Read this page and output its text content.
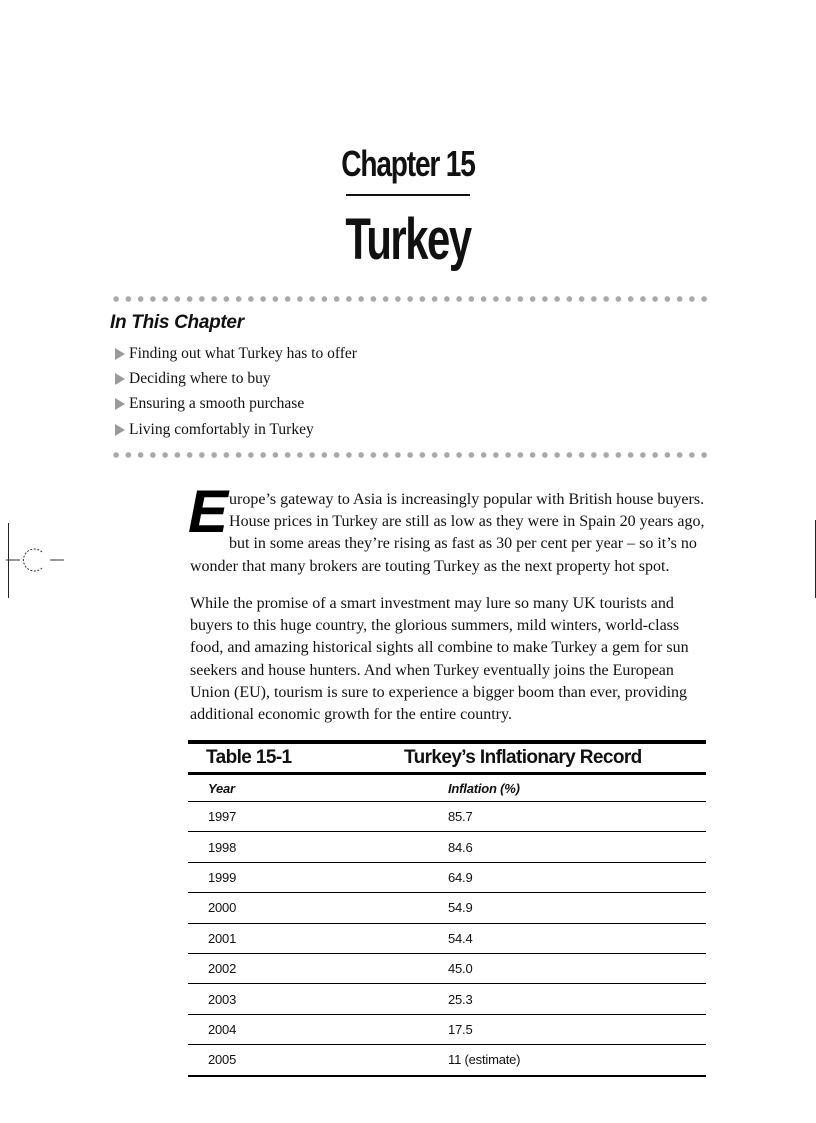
Chapter 15
Turkey
In This Chapter
Finding out what Turkey has to offer
Deciding where to buy
Ensuring a smooth purchase
Living comfortably in Turkey

Europe’s gateway to Asia is increasingly popular with British house buyers. House prices in Turkey are still as low as they were in Spain 20 years ago, but in some areas they’re rising as fast as 30 per cent per year – so it’s no wonder that many brokers are touting Turkey as the next property hot spot.

While the promise of a smart investment may lure so many UK tourists and buyers to this huge country, the glorious summers, mild winters, world-class food, and amazing historical sights all combine to make Turkey a gem for sun seekers and house hunters. And when Turkey eventually joins the European Union (EU), tourism is sure to experience a bigger boom than ever, providing additional economic growth for the entire country.

Table 15-1	Turkey’s Inflationary Record
Year	Inflation (%)
1997	85.7
1998	84.6
1999	64.9
2000	54.9
2001	54.4
2002	45.0
2003	25.3
2004	17.5
2005	11 (estimate)
